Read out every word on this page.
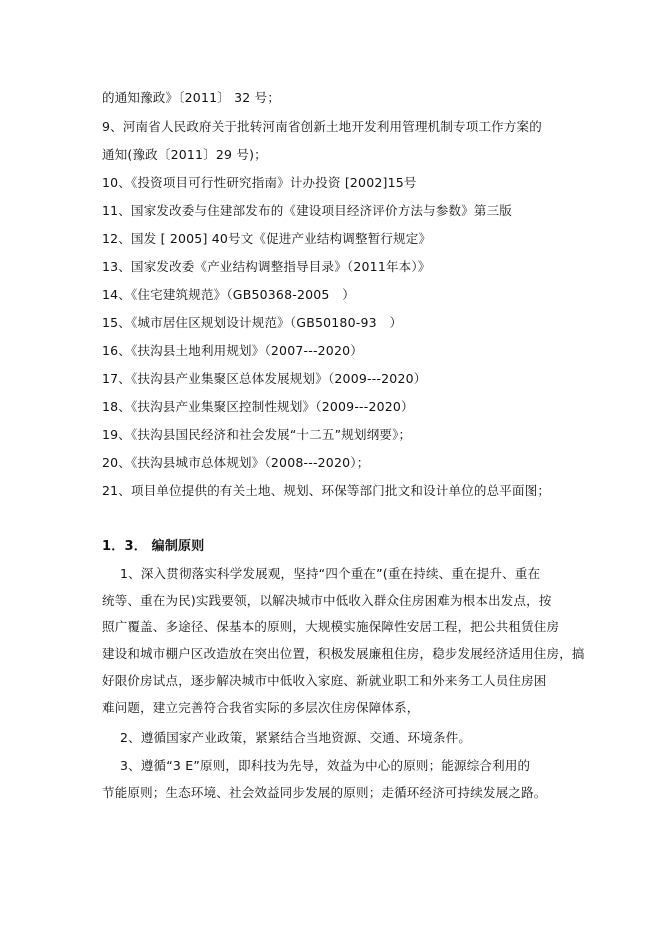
的通知豫政》〔2011〕 32 号；
9、河南省人民政府关于批转河南省创新土地开发利用管理机制专项工作方案的
通知(豫政〔2011〕29 号)；
10、《投资项目可行性研究指南》计办投资 [2002]15号
11、国家发改委与住建部发布的《建设项目经济评价方法与参数》第三版
12、国发 [ 2005] 40号文《促进产业结构调整暂行规定》
13、国家发改委《产业结构调整指导目录》（2011年本）》
14、《住宅建筑规范》（GB50368-2005　）
15、《城市居住区规划设计规范》（GB50180-93　）
16、《扶沟县土地利用规划》（2007---2020）
17、《扶沟县产业集聚区总体发展规划》（2009---2020）
18、《扶沟县产业集聚区控制性规划》（2009---2020）
19、《扶沟县国民经济和社会发展“十二五”规划纲要》；
20、《扶沟县城市总体规划》（2008---2020）；
21、项目单位提供的有关土地、规划、环保等部门批文和设计单位的总平面图；
1．3． 编制原则
1、深入贯彻落实科学发展观，坚持“四个重在”(重在持续、重在提升、重在
统等、重在为民)实践要领，以解决城市中低收入群众住房困难为根本出发点，按
照广覆盖、多途径、保基本的原则，大规模实施保障性安居工程，把公共租赁住房
建设和城市棚户区改造放在突出位置，积极发展廉租住房，稳步发展经济适用住房，搞
好限价房试点，逐步解决城市中低收入家庭、新就业职工和外来务工人员住房困
难问题，建立完善符合我省实际的多层次住房保障体系，
2、遵循国家产业政策，紧紧结合当地资源、交通、环境条件。
3、遵循“3 E”原则，即科技为先导，效益为中心的原则；能源综合利用的
节能原则；生态环境、社会效益同步发展的原则；走循环经济可持续发展之路。
